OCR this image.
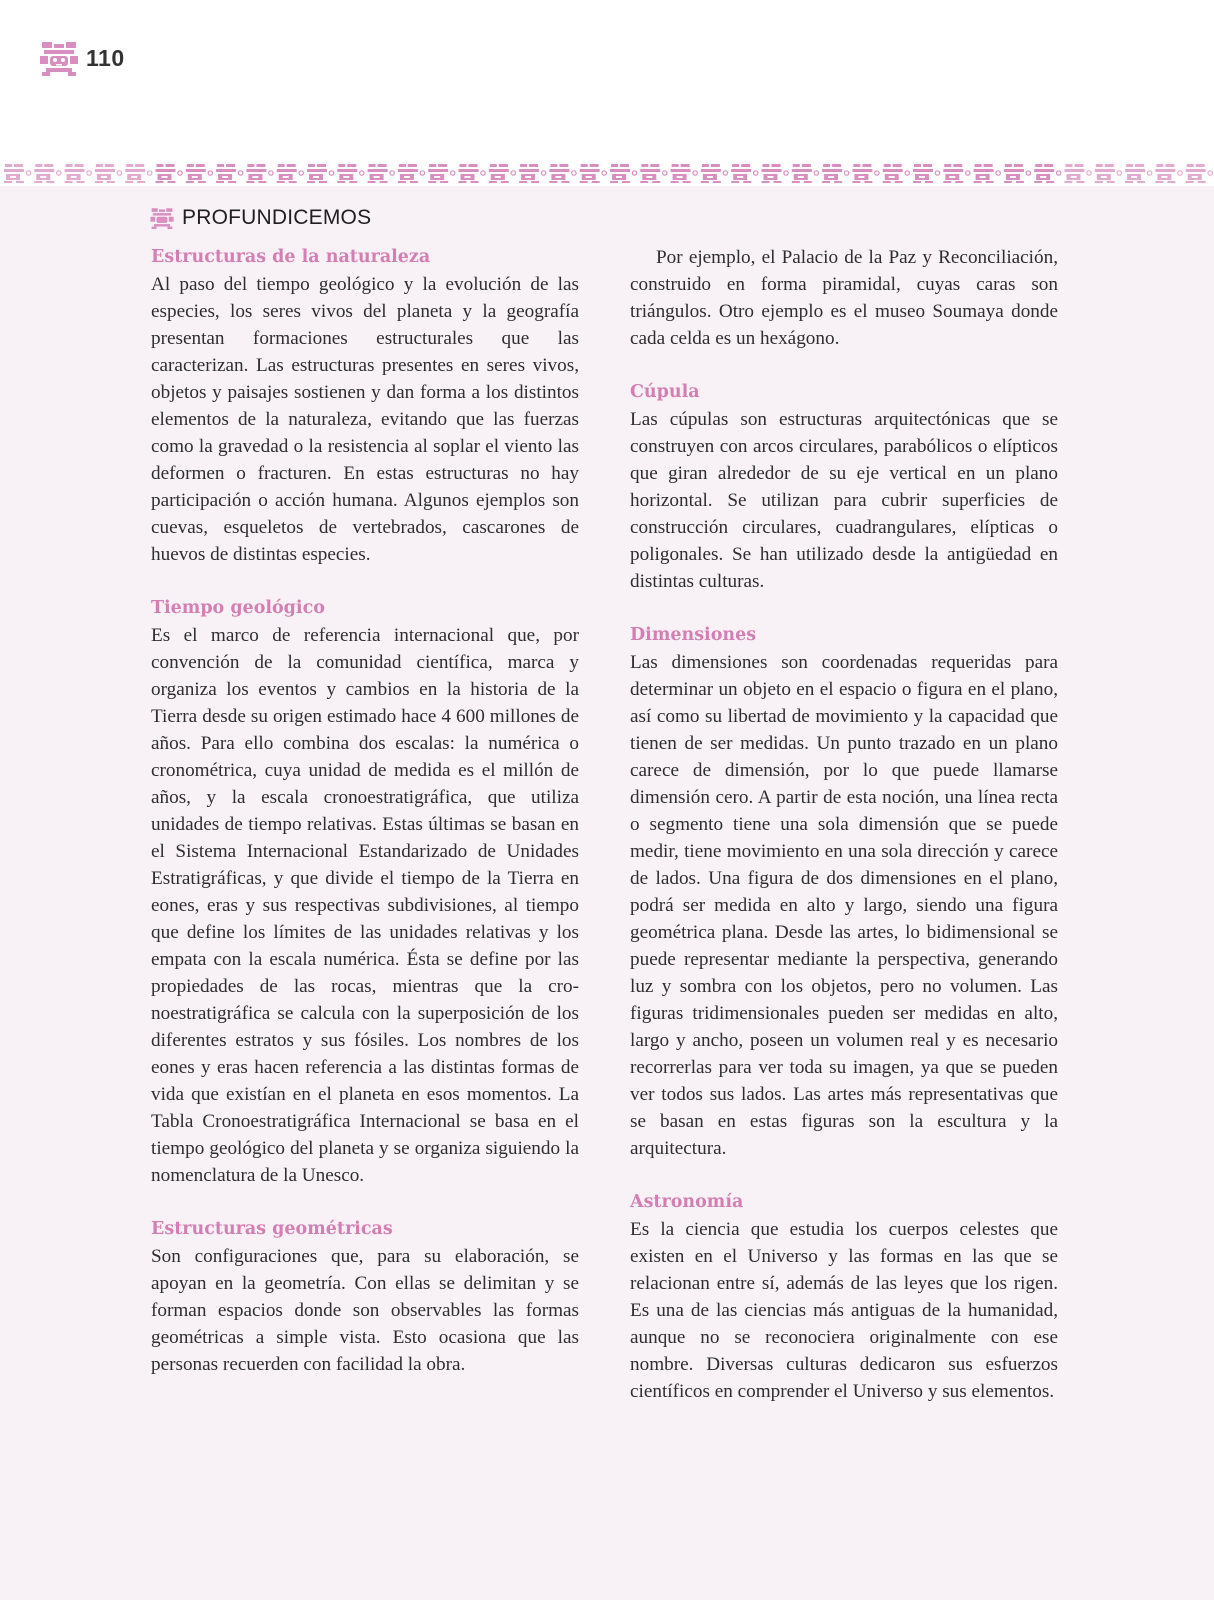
110
PROFUNDICEMOS
Estructuras de la naturaleza

Al paso del tiempo geológico y la evolución de las especies, los seres vivos del planeta y la geografía presentan formaciones estructurales que las caracterizan. Las estructuras presentes en seres vivos, objetos y paisajes sostienen y dan forma a los distintos elementos de la naturaleza, evitando que las fuerzas como la gravedad o la resistencia al soplar el viento las deformen o fracturen. En estas estructuras no hay participación o acción humana. Algunos ejemplos son cuevas, esqueletos de vertebrados, cascarones de huevos de distintas especies.

Tiempo geológico

Es el marco de referencia internacional que, por convención de la comunidad científica, marca y organiza los eventos y cambios en la historia de la Tierra desde su origen estimado hace 4 600 millones de años. Para ello combina dos escalas: la numérica o cronométrica, cuya unidad de medida es el millón de años, y la escala cronoestratigráfica, que utiliza unidades de tiempo relativas. Estas últimas se basan en el Sistema Internacional Estandarizado de Unidades Estratigráficas, y que divide el tiempo de la Tierra en eones, eras y sus respectivas subdivisiones, al tiempo que define los límites de las unidades relativas y los empata con la escala numérica. Ésta se define por las propiedades de las rocas, mientras que la cronoestratigráfica se calcula con la superposición de los diferentes estratos y sus fósiles. Los nombres de los eones y eras hacen referencia a las distintas formas de vida que existían en el planeta en esos momentos. La Tabla Cronoestratigráfica Internacional se basa en el tiempo geológico del planeta y se organiza siguiendo la nomenclatura de la Unesco.

Estructuras geométricas

Son configuraciones que, para su elaboración, se apoyan en la geometría. Con ellas se delimitan y se forman espacios donde son observables las formas geométricas a simple vista. Esto ocasiona que las personas recuerden con facilidad la obra.

Por ejemplo, el Palacio de la Paz y Reconciliación, construido en forma piramidal, cuyas caras son triángulos. Otro ejemplo es el museo Soumaya donde cada celda es un hexágono.

Cúpula

Las cúpulas son estructuras arquitectónicas que se construyen con arcos circulares, parabólicos o elípticos que giran alrededor de su eje vertical en un plano horizontal. Se utilizan para cubrir superficies de construcción circulares, cuadrangulares, elípticas o poligonales. Se han utilizado desde la antigüedad en distintas culturas.

Dimensiones

Las dimensiones son coordenadas requeridas para determinar un objeto en el espacio o figura en el plano, así como su libertad de movimiento y la capacidad que tienen de ser medidas. Un punto trazado en un plano carece de dimensión, por lo que puede llamarse dimensión cero. A partir de esta noción, una línea recta o segmento tiene una sola dimensión que se puede medir, tiene movimiento en una sola dirección y carece de lados. Una figura de dos dimensiones en el plano, podrá ser medida en alto y largo, siendo una figura geométrica plana. Desde las artes, lo bidimensional se puede representar mediante la perspectiva, generando luz y sombra con los objetos, pero no volumen. Las figuras tridimensionales pueden ser medidas en alto, largo y ancho, poseen un volumen real y es necesario recorrerlas para ver toda su imagen, ya que se pueden ver todos sus lados. Las artes más representativas que se basan en estas figuras son la escultura y la arquitectura.

Astronomía

Es la ciencia que estudia los cuerpos celestes que existen en el Universo y las formas en las que se relacionan entre sí, además de las leyes que los rigen. Es una de las ciencias más antiguas de la humanidad, aunque no se reconociera originalmente con ese nombre. Diversas culturas dedicaron sus esfuerzos científicos en comprender el Universo y sus elementos.
